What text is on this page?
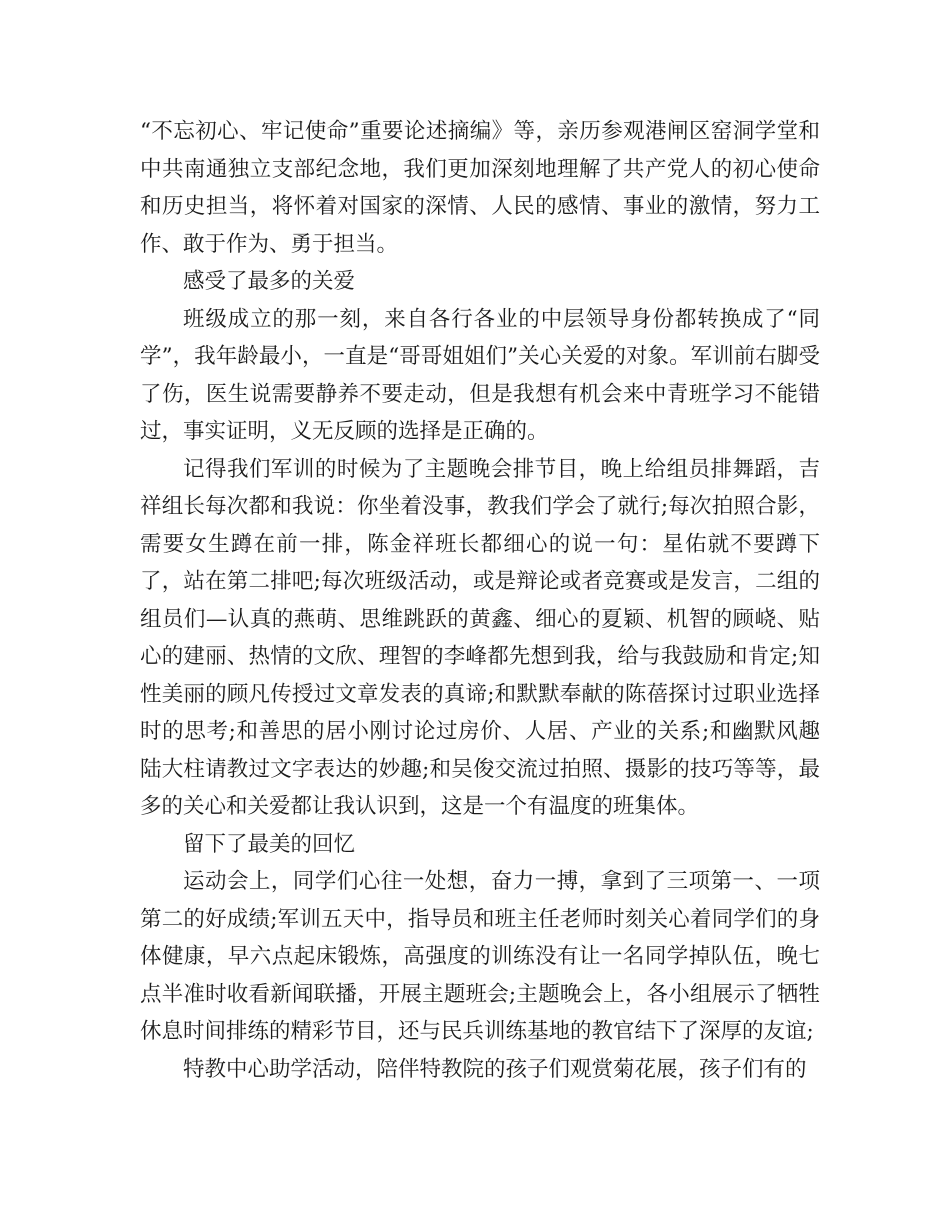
“不忘初心、牢记使命”重要论述摘编》等，亲历参观港闸区窑洞学堂和中共南通独立支部纪念地，我们更加深刻地理解了共产党人的初心使命和历史担当，将怀着对国家的深情、人民的感情、事业的激情，努力工作、敢于作为、勇于担当。

感受了最多的关爱

班级成立的那一刻，来自各行各业的中层领导身份都转换成了“同学”，我年龄最小，一直是“哥哥姐姐们”关心关爱的对象。军训前右脚受了伤，医生说需要静养不要走动，但是我想有机会来中青班学习不能错过，事实证明，义无反顾的选择是正确的。

记得我们军训的时候为了主题晚会排节目，晚上给组员排舞蹈，吉祥组长每次都和我说：你坐着没事，教我们学会了就行;每次拍照合影，需要女生蹲在前一排，陈金祥班长都细心的说一句：星佑就不要蹲下了，站在第二排吧;每次班级活动，或是辩论或者竞赛或是发言，二组的组员们—认真的燕萌、思维跳跃的黄鑫、细心的夏颖、机智的顾峣、贴心的建丽、热情的文欣、理智的李峰都先想到我，给与我鼓励和肯定;知性美丽的顾凡传授过文章发表的真谛;和默默奉献的陈蓓探讨过职业选择时的思考;和善思的居小刚讨论过房价、人居、产业的关系;和幽默风趣陆大柱请教过文字表达的妙趣;和吴俊交流过拍照、摄影的技巧等等，最多的关心和关爱都让我认识到，这是一个有温度的班集体。

留下了最美的回忆

运动会上，同学们心往一处想，奋力一搏，拿到了三项第一、一项第二的好成绩;军训五天中，指导员和班主任老师时刻关心着同学们的身体健康，早六点起床锻炼，高强度的训练没有让一名同学掉队伍，晚七点半准时收看新闻联播，开展主题班会;主题晚会上，各小组展示了牺牲休息时间排练的精彩节目，还与民兵训练基地的教官结下了深厚的友谊;

特教中心助学活动，陪伴特教院的孩子们观赏菊花展，孩子们有的
